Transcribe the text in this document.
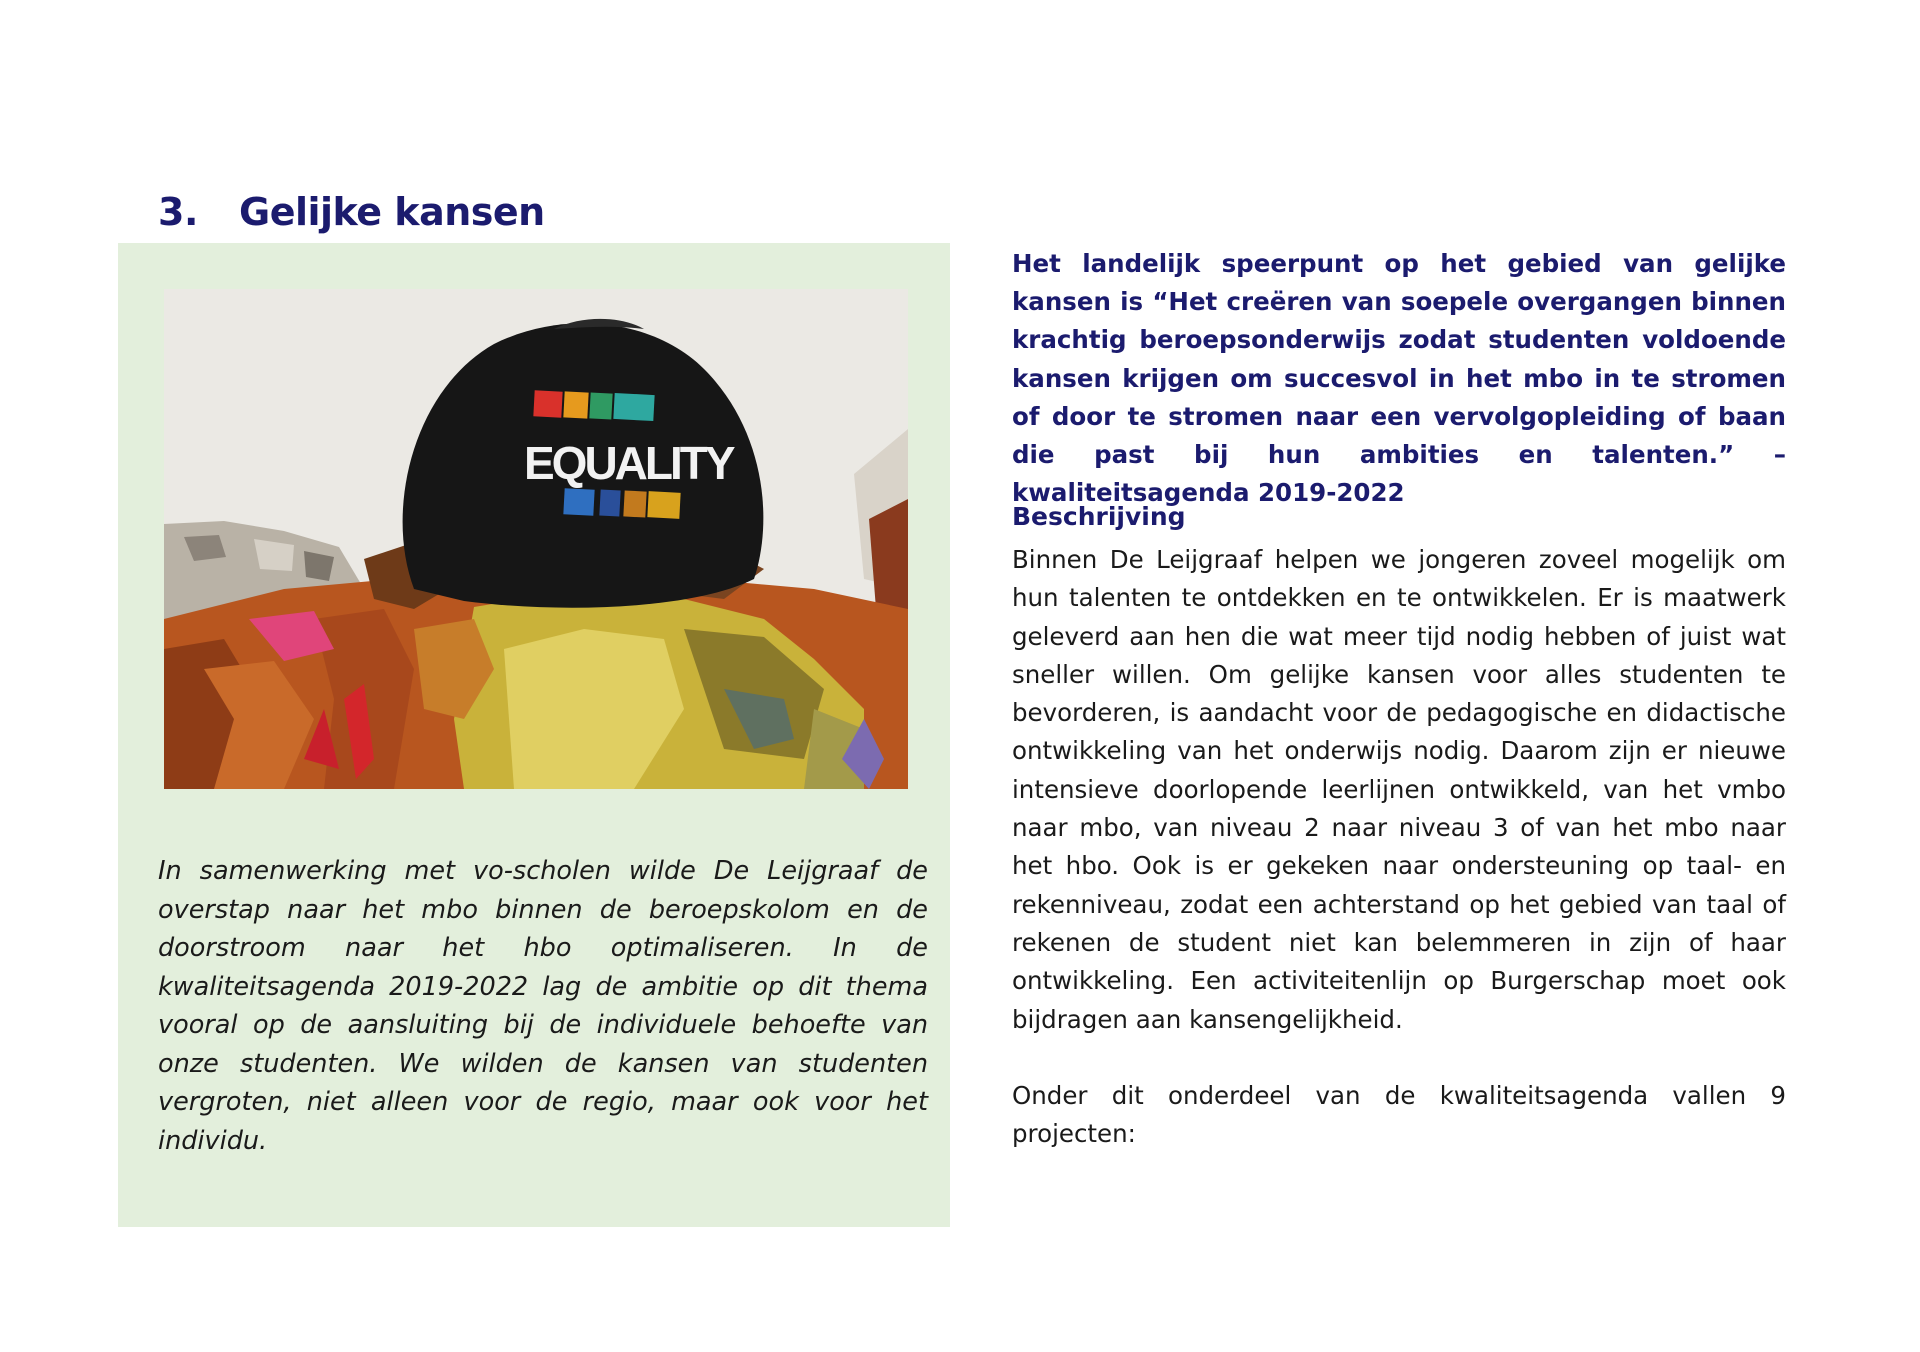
3. Gelijke kansen
EQUALITY

In samenwerking met vo-scholen wilde De Leijgraaf de overstap naar het mbo binnen de beroepskolom en de doorstroom naar het hbo optimaliseren. In de kwaliteitsagenda 2019-2022 lag de ambitie op dit thema vooral op de aansluiting bij de individuele behoefte van onze studenten. We wilden de kansen van studenten vergroten, niet alleen voor de regio, maar ook voor het individu.

Het landelijk speerpunt op het gebied van gelijke kansen is “Het creëren van soepele overgangen binnen krachtig beroepsonderwijs zodat studenten voldoende kansen krijgen om succesvol in het mbo in te stromen of door te stromen naar een vervolgopleiding of baan die past bij hun ambities en talenten.” – kwaliteitsagenda 2019-2022

Beschrijving

Binnen De Leijgraaf helpen we jongeren zoveel mogelijk om hun talenten te ontdekken en te ontwikkelen. Er is maatwerk geleverd aan hen die wat meer tijd nodig hebben of juist wat sneller willen. Om gelijke kansen voor alles studenten te bevorderen, is aandacht voor de pedagogische en didactische ontwikkeling van het onderwijs nodig. Daarom zijn er nieuwe intensieve doorlopende leerlijnen ontwikkeld, van het vmbo naar mbo, van niveau 2 naar niveau 3 of van het mbo naar het hbo. Ook is er gekeken naar ondersteuning op taal- en rekenniveau, zodat een achterstand op het gebied van taal of rekenen de student niet kan belemmeren in zijn of haar ontwikkeling. Een activiteitenlijn op Burgerschap moet ook bijdragen aan kansengelijkheid.

Onder dit onderdeel van de kwaliteitsagenda vallen 9 projecten:
